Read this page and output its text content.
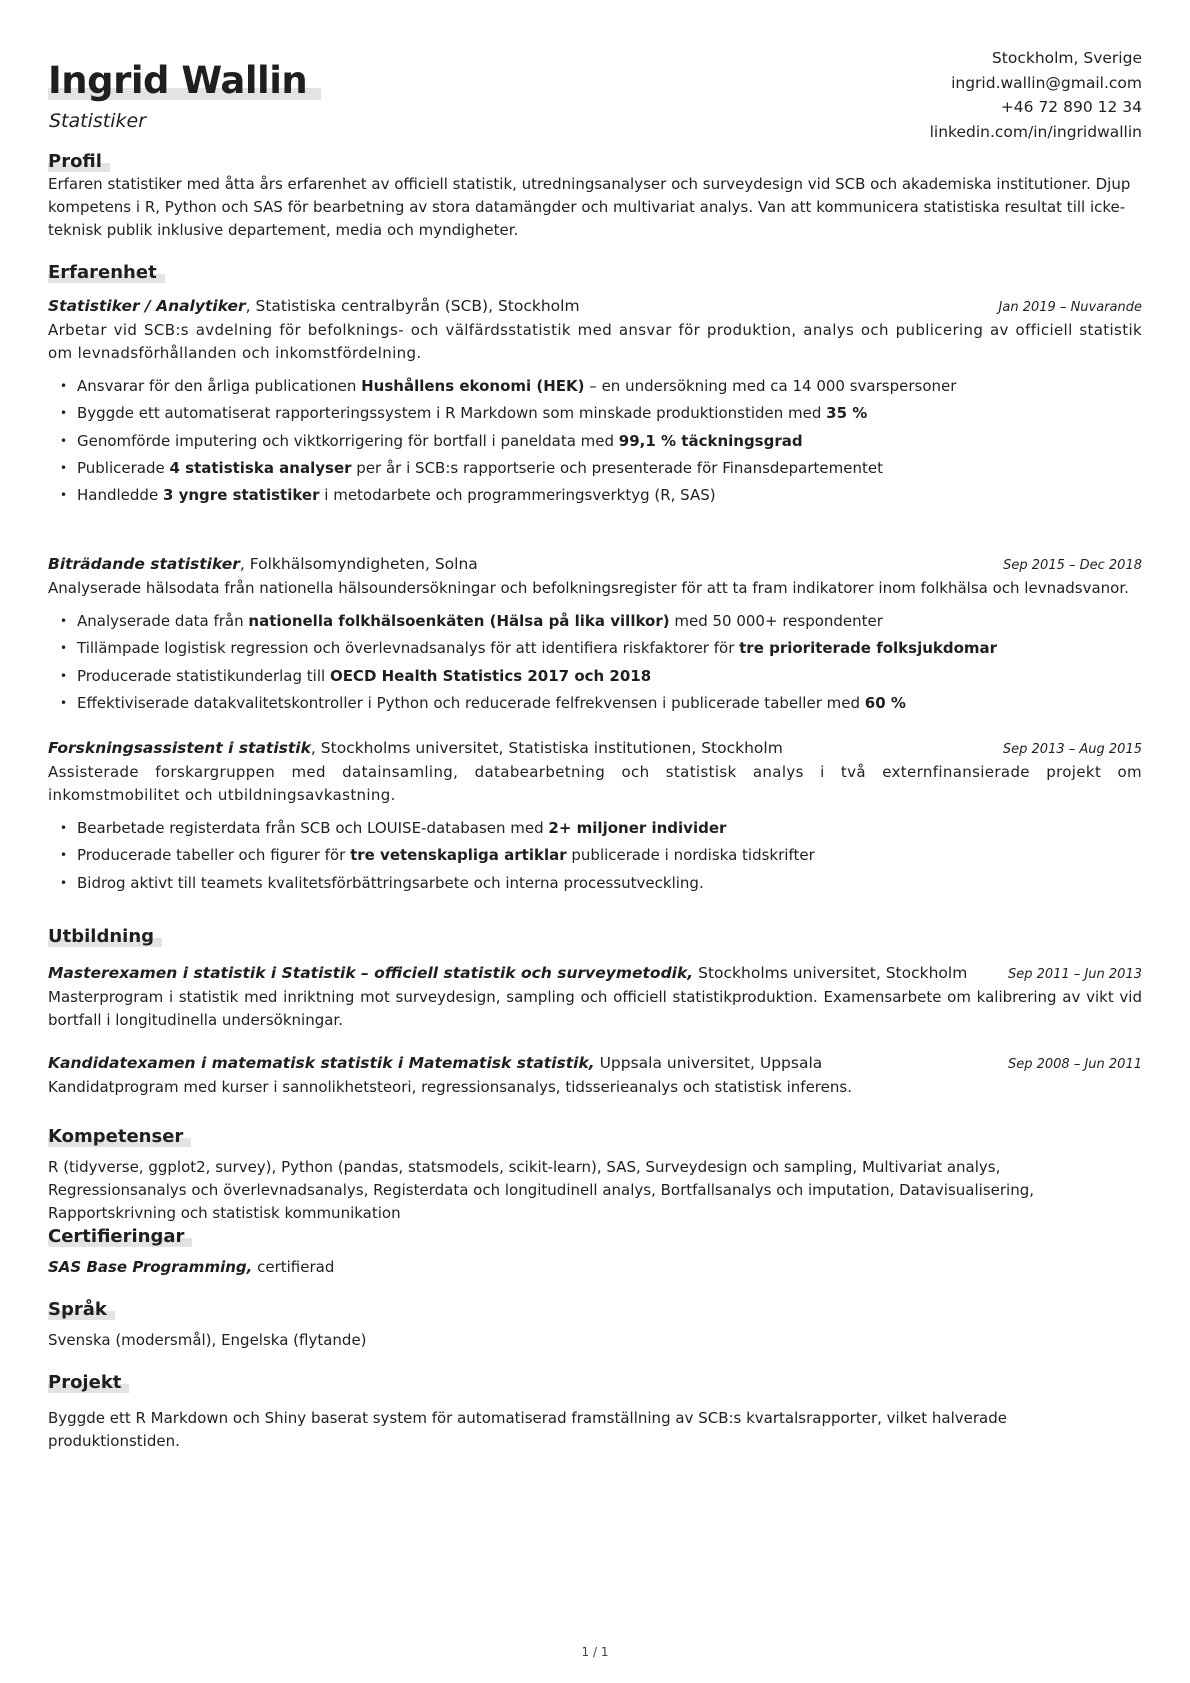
Ingrid Wallin
Statistiker
Stockholm, Sverige
ingrid.wallin@gmail.com
+46 72 890 12 34
linkedin.com/in/ingridwallin
Profil

Erfaren statistiker med åtta års erfarenhet av officiell statistik, utredningsanalyser och surveydesign vid SCB och akademiska institutioner. Djup kompetens i R, Python och SAS för bearbetning av stora datamängder och multivariat analys. Van att kommunicera statistiska resultat till icke-teknisk publik inklusive departement, media och myndigheter.

Erfarenhet
Statistiker / Analytiker, Statistiska centralbyrån (SCB), Stockholm	Jan 2019 – Nuvarande

Arbetar vid SCB:s avdelning för befolknings- och välfärdsstatistik med ansvar för produktion, analys och publicering av officiell statistik om levnadsförhållanden och inkomstfördelning.

• Ansvarar för den årliga publicationen Hushållens ekonomi (HEK) – en undersökning med ca 14 000 svarspersoner
• Byggde ett automatiserat rapporteringssystem i R Markdown som minskade produktionstiden med 35 %
• Genomförde imputering och viktkorrigering för bortfall i paneldata med 99,1 % täckningsgrad
• Publicerade 4 statistiska analyser per år i SCB:s rapportserie och presenterade för Finansdepartementet
• Handledde 3 yngre statistiker i metodarbete och programmeringsverktyg (R, SAS)
Biträdande statistiker, Folkhälsomyndigheten, Solna	Sep 2015 – Dec 2018

Analyserade hälsodata från nationella hälsoundersökningar och befolkningsregister för att ta fram indikatorer inom folkhälsa och levnadsvanor.

• Analyserade data från nationella folkhälsoenkäten (Hälsa på lika villkor) med 50 000+ respondenter
• Tillämpade logistisk regression och överlevnadsanalys för att identifiera riskfaktorer för tre prioriterade folksjukdomar
• Producerade statistikunderlag till OECD Health Statistics 2017 och 2018
• Effektiviserade datakvalitetskontroller i Python och reducerade felfrekvensen i publicerade tabeller med 60 %
Forskningsassistent i statistik, Stockholms universitet, Statistiska institutionen, Stockholm	Sep 2013 – Aug 2015

Assisterade forskargruppen med datainsamling, databearbetning och statistisk analys i två externfinansierade projekt om inkomstmobilitet och utbildningsavkastning.

• Bearbetade registerdata från SCB och LOUISE-databasen med 2+ miljoner individer
• Producerade tabeller och figurer för tre vetenskapliga artiklar publicerade i nordiska tidskrifter
• Bidrog aktivt till teamets kvalitetsförbättringsarbete och interna processutveckling.
Utbildning
Masterexamen i statistik i Statistik – officiell statistik och surveymetodik, Stockholms universitet, Stockholm	Sep 2011 – Jun 2013

Masterprogram i statistik med inriktning mot surveydesign, sampling och officiell statistikproduktion. Examensarbete om kalibrering av vikt vid bortfall i longitudinella undersökningar.

Kandidatexamen i matematisk statistik i Matematisk statistik, Uppsala universitet, Uppsala	Sep 2008 – Jun 2011

Kandidatprogram med kurser i sannolikhetsteori, regressionsanalys, tidsserieanalys och statistisk inferens.

Kompetenser

R (tidyverse, ggplot2, survey), Python (pandas, statsmodels, scikit-learn), SAS, Surveydesign och sampling, Multivariat analys, Regressionsanalys och överlevnadsanalys, Registerdata och longitudinell analys, Bortfallsanalys och imputation, Datavisualisering, Rapportskrivning och statistisk kommunikation

Certifieringar

SAS Base Programming, certifierad

Språk

Svenska (modersmål), Engelska (flytande)

Projekt

Byggde ett R Markdown och Shiny baserat system för automatiserad framställning av SCB:s kvartalsrapporter, vilket halverade produktionstiden.

1 / 1
